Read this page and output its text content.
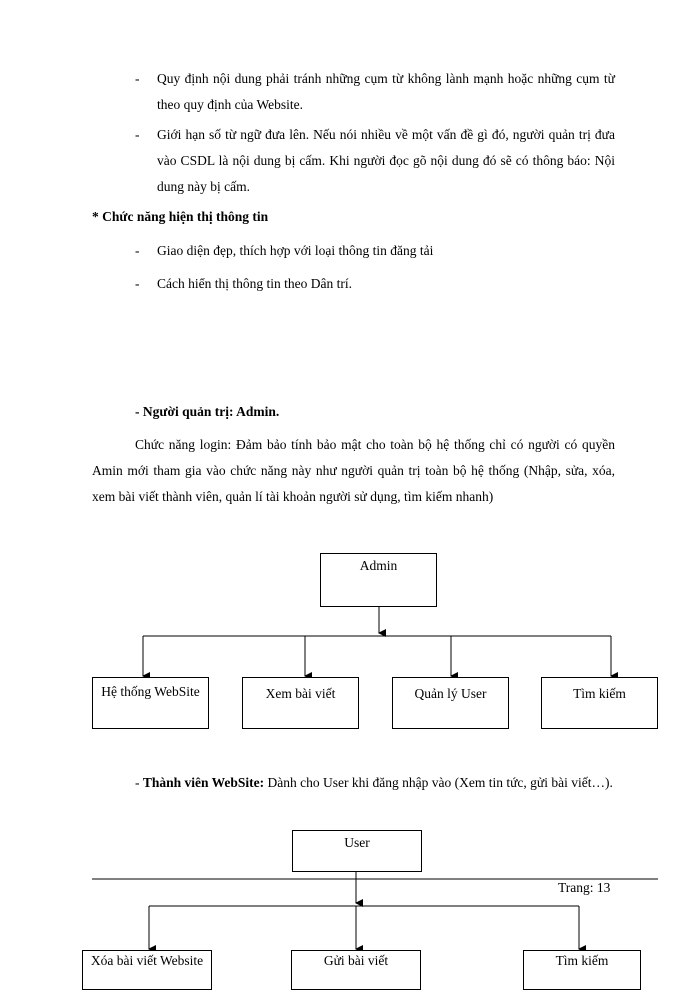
- Quy định nội dung phải tránh những cụm từ không lành mạnh hoặc những cụm từ theo quy định của Website.
- Giới hạn số từ ngữ đưa lên. Nếu nói nhiều về một vấn đề gì đó, người quản trị đưa vào CSDL là nội dung bị cấm. Khi người đọc gõ nội dung đó sẽ có thông báo: Nội dung này bị cấm.
* Chức năng hiện thị thông tin
- Giao diện đẹp, thích hợp với loại thông tin đăng tải
- Cách hiển thị thông tin theo Dân trí.
- Người quản trị: Admin.
Chức năng login: Đảm bảo tính bảo mật cho toàn bộ hệ thống chỉ có người có quyền Amin mới tham gia vào chức năng này như người quản trị toàn bộ hệ thống (Nhập, sửa, xóa, xem bài viết thành viên, quản lí tài khoản người sử dụng, tìm kiếm nhanh)
Admin
Hệ thống WebSite	Xem bài viết	Quản lý User	Tìm kiếm
- Thành viên WebSite: Dành cho User khi đăng nhập vào (Xem tin tức, gửi bài viết…).
User
Trang: 13
Xóa bài viết Website	Gửi bài viết	Tìm kiếm
